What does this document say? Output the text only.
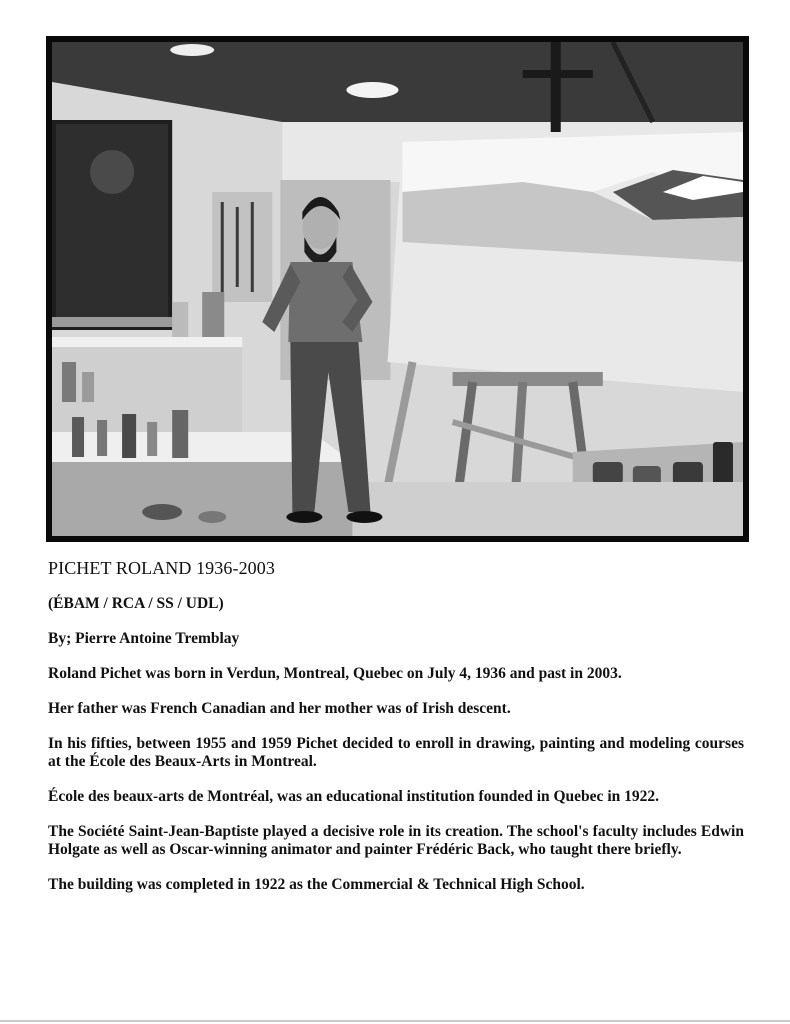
PICHET ROLAND 1936-2003
(ÉBAM / RCA / SS / UDL)
By; Pierre Antoine Tremblay
Roland Pichet was born in Verdun, Montreal, Quebec on July 4, 1936 and past in 2003.
Her father was French Canadian and her mother was of Irish descent.
In his fifties, between 1955 and 1959 Pichet decided to enroll in drawing, painting and modeling courses at the École des Beaux-Arts in Montreal.
École des beaux-arts de Montréal, was an educational institution founded in Quebec in 1922.
The Société Saint-Jean-Baptiste played a decisive role in its creation. The school's faculty includes Edwin Holgate as well as Oscar-winning animator and painter Frédéric Back, who taught there briefly.
The building was completed in 1922 as the Commercial & Technical High School.
